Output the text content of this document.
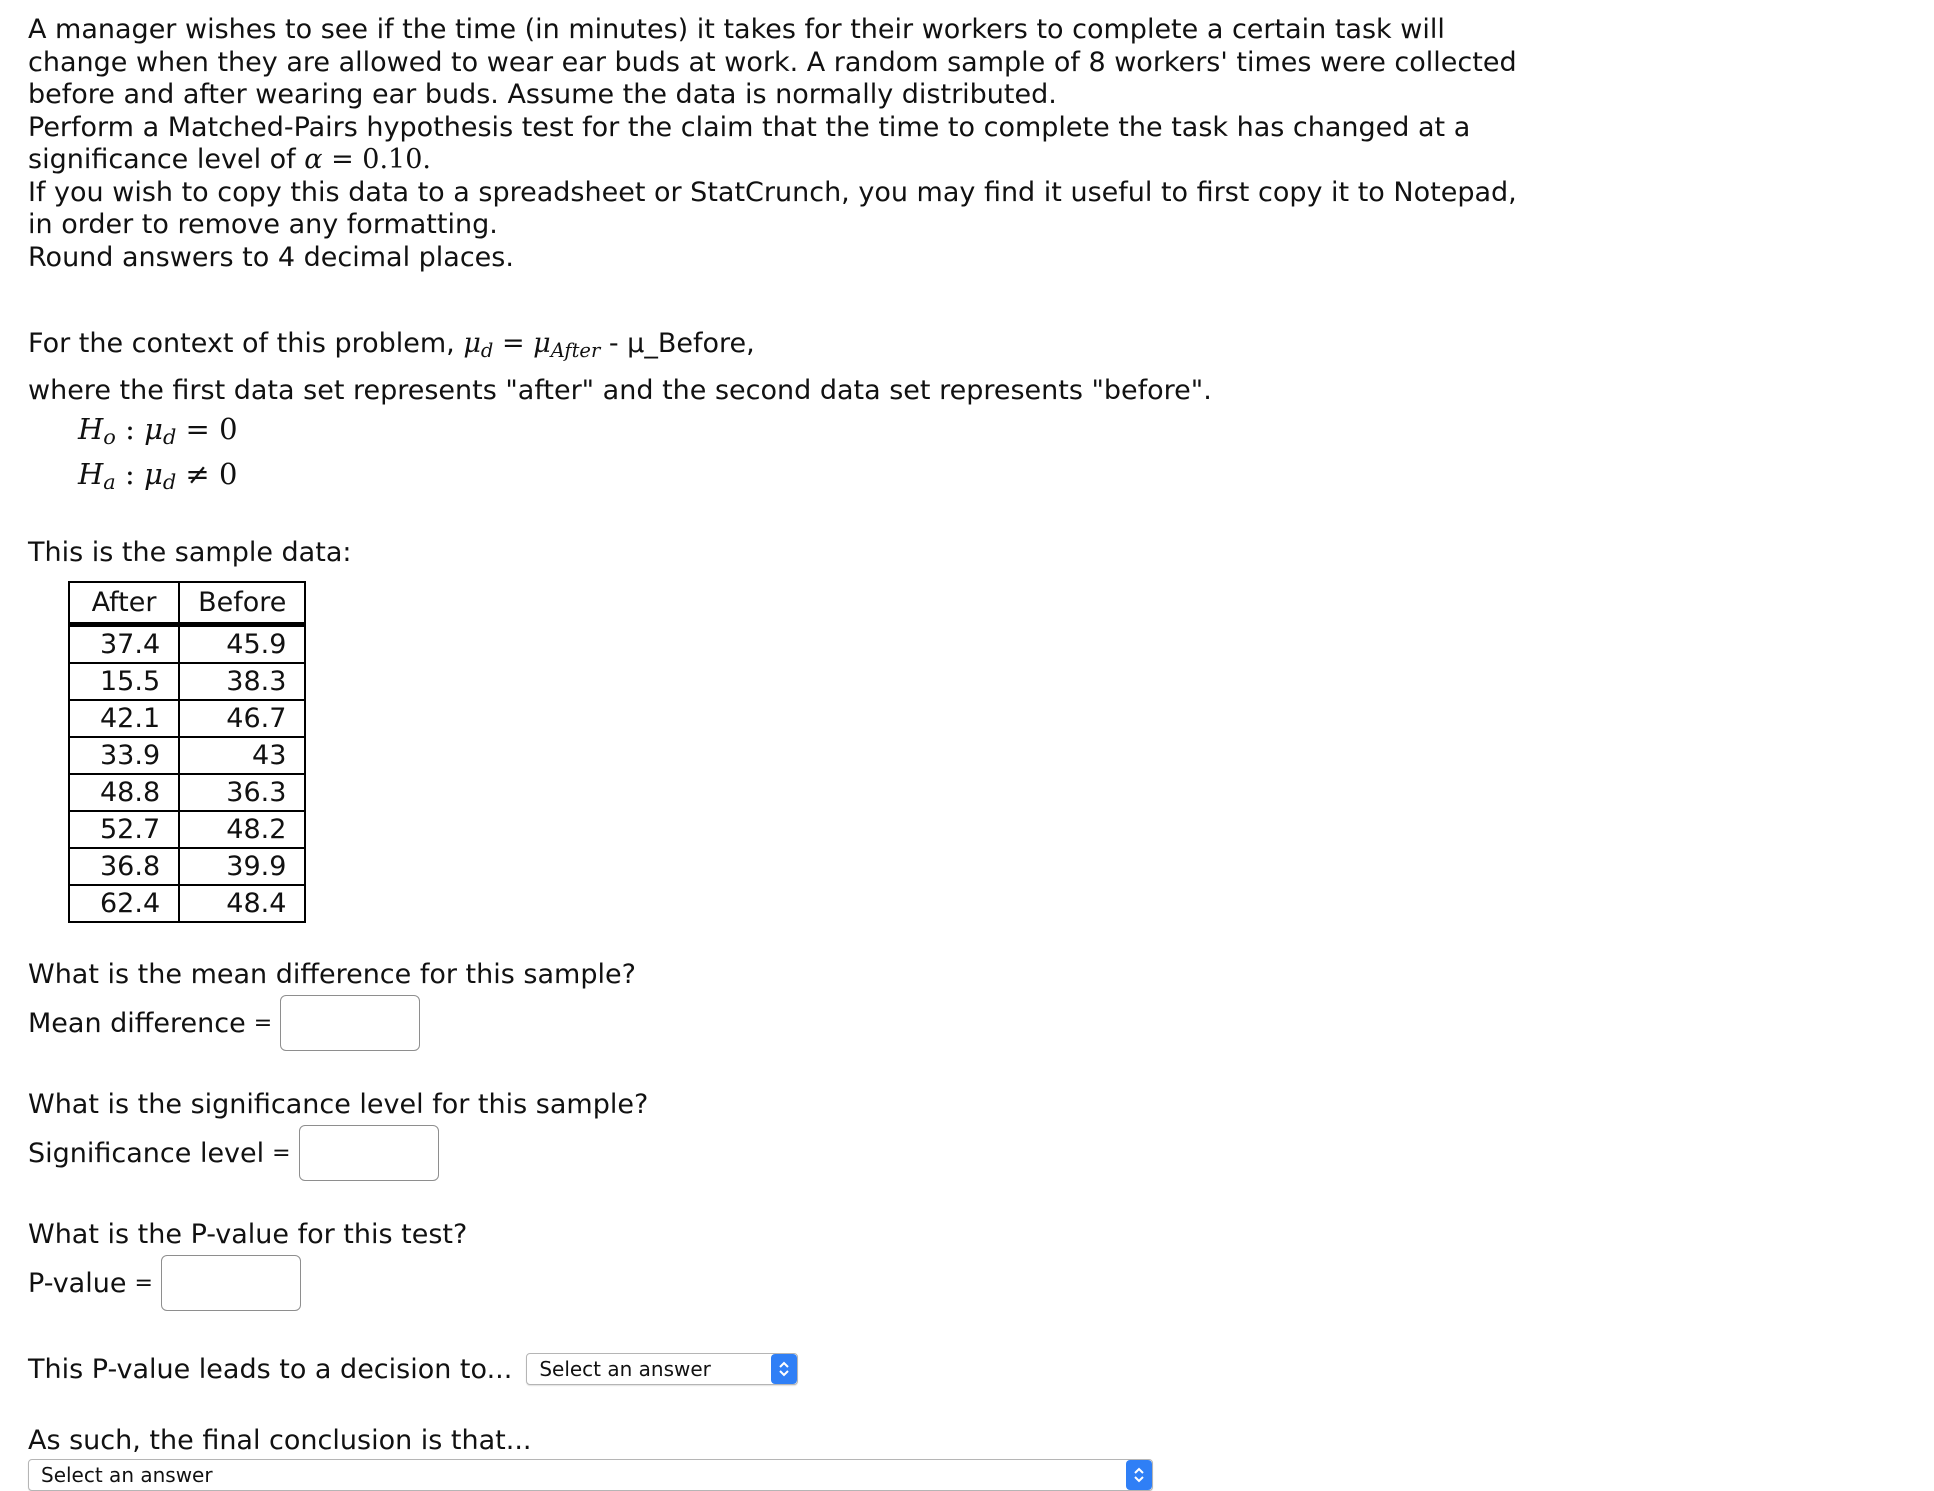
A manager wishes to see if the time (in minutes) it takes for their workers to complete a certain task will

change when they are allowed to wear ear buds at work. A random sample of 8 workers' times were collected

before and after wearing ear buds. Assume the data is normally distributed.

Perform a Matched-Pairs hypothesis test for the claim that the time to complete the task has changed at a

significance level of α = 0.10.

If you wish to copy this data to a spreadsheet or StatCrunch, you may find it useful to first copy it to Notepad,

in order to remove any formatting.

Round answers to 4 decimal places.

For the context of this problem, $\mu_d = \mu_{After}$ - μ_Before,

where the first data set represents "after" and the second data set represents "before".

$H_o$ : $\mu_d = 0$
$H_a$ : $\mu_d \ne 0$
This is the sample data:
After	Before
37.4	45.9
15.5	38.3
42.1	46.7
33.9	43
48.8	36.3
52.7	48.2
36.8	39.9
62.4	48.4
What is the mean difference for this sample?
Mean difference =
What is the significance level for this sample?
Significance level =
What is the P-value for this test?
P-value =
This P-value leads to a decision to... Select an answer
As such, the final conclusion is that...
Select an answer
